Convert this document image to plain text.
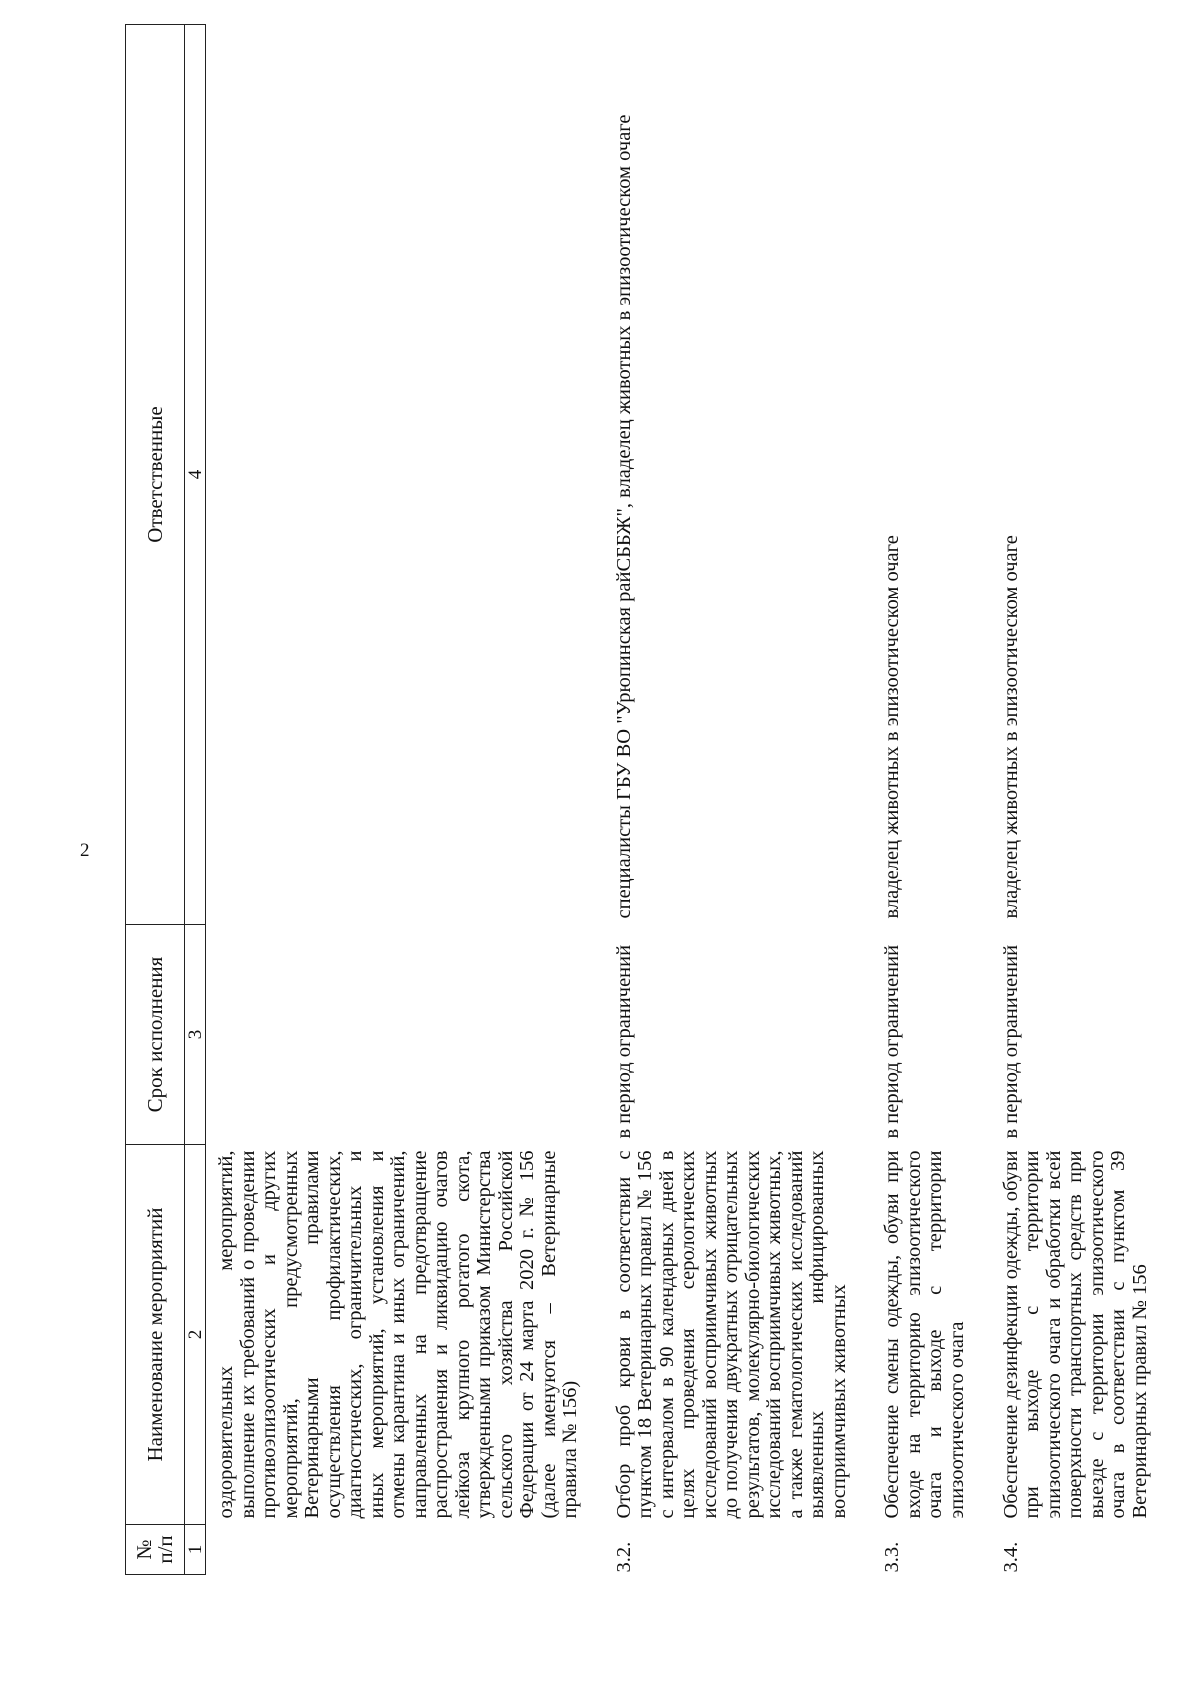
2
№ п/п	Наименование мероприятий	Срок исполнения	Ответственные
1	2	3	4
	оздоровительных мероприятий, выполнение их требований о проведении противоэпизоотических и других мероприятий, предусмотренных Ветеринарными правилами осуществления профилактических, диагностических, ограничительных и иных мероприятий, установления и отмены карантина и иных ограничений, направленных на предотвращение распространения и ликвидацию очагов лейкоза крупного рогатого скота, утвержденными приказом Министерства сельского хозяйства Российской Федерации от 24 марта 2020 г. № 156 (далее именуются – Ветеринарные правила № 156)		
3.2.	Отбор проб крови в соответствии с пунктом 18 Ветеринарных правил № 156 с интервалом в 90 календарных дней в целях проведения серологических исследований восприимчивых животных до получения двукратных отрицательных результатов, молекулярно-биологических исследований восприимчивых животных, а также гематологических исследований выявленных инфицированных восприимчивых животных	в период ограничений	специалисты ГБУ ВО "Урюпинская райСББЖ", владелец животных в эпизоотическом очаге
3.3.	Обеспечение смены одежды, обуви при входе на территорию эпизоотического очага и выходе с территории эпизоотического очага	в период ограничений	владелец животных в эпизоотическом очаге
3.4.	Обеспечение дезинфекции одежды, обуви при выходе с территории эпизоотического очага и обработки всей поверхности транспортных средств при выезде с территории эпизоотического очага в соответствии с пунктом 39 Ветеринарных правил № 156	в период ограничений	владелец животных в эпизоотическом очаге
